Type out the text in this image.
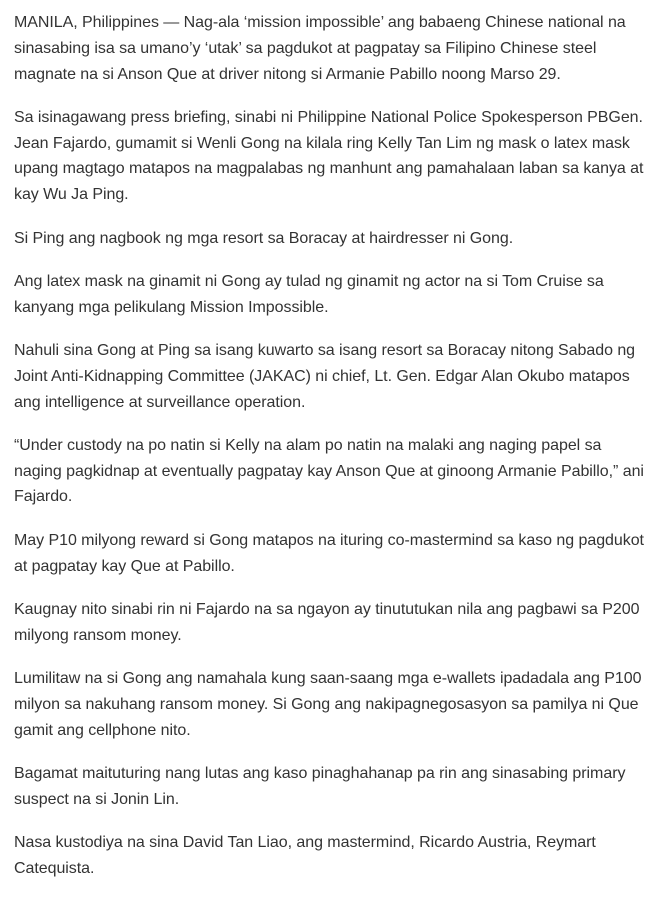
MANILA, Philippines — Nag-ala ‘mission impossible’ ang babaeng Chinese national na sinasabing isa sa umano’y ‘utak’ sa pagdukot at pagpatay sa Filipino Chinese steel magnate na si Anson Que at driver nitong si Armanie Pabillo noong Marso 29.

Sa isinagawang press briefing, sinabi ni Philippine National Police Spokesperson PBGen. Jean Fajardo, gumamit si Wenli Gong na kilala ring Kelly Tan Lim ng mask o latex mask upang magtago matapos na magpalabas ng manhunt ang pamahalaan laban sa kanya at kay Wu Ja Ping.

Si Ping ang nagbook ng mga resort sa Boracay at hairdresser ni Gong.

Ang latex mask na ginamit ni Gong ay tulad ng ginamit ng actor na si Tom Cruise sa kanyang mga pelikulang Mission Impossible.

Nahuli sina Gong at Ping sa isang kuwarto sa isang resort sa Boracay nitong Sabado ng Joint Anti-Kidnapping Committee (JAKAC) ni chief, Lt. Gen. Edgar Alan Okubo matapos ang intelligence at surveillance operation.

“Under custody na po natin si Kelly na alam po natin na malaki ang naging papel sa naging pagkidnap at eventually pagpatay kay Anson Que at ginoong Armanie Pabillo,” ani Fajardo.

May P10 milyong reward si Gong matapos na ituring co-mastermind sa kaso ng pagdukot at pagpatay kay Que at Pabillo.

Kaugnay nito sinabi rin ni Fajardo na sa ngayon ay tinututukan nila ang pagbawi sa P200 milyong ransom money.

Lumilitaw na si Gong ang namahala kung saan-saang mga e-wallets ipadadala ang P100 milyon sa nakuhang ransom money. Si Gong ang nakipagnegosasyon sa pamilya ni Que gamit ang cellphone nito.

Bagamat maituturing nang lutas ang kaso pinaghahanap pa rin ang sinasabing primary suspect na si Jonin Lin.

Nasa kustodiya na sina David Tan Liao, ang mastermind, Ricardo Austria, Reymart Catequista.
